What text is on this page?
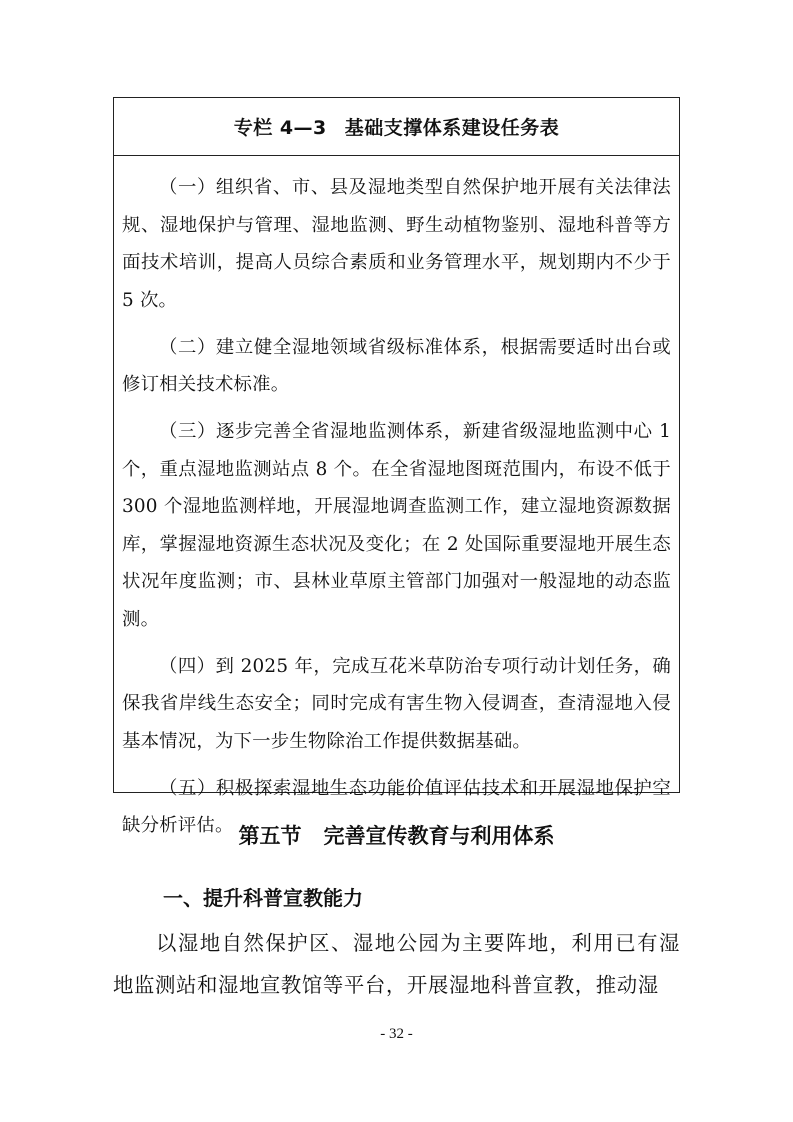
专栏 4—3 基础支撑体系建设任务表

（一）组织省、市、县及湿地类型自然保护地开展有关法律法规、湿地保护与管理、湿地监测、野生动植物鉴别、湿地科普等方面技术培训，提高人员综合素质和业务管理水平，规划期内不少于 5 次。

（二）建立健全湿地领域省级标准体系，根据需要适时出台或修订相关技术标准。

（三）逐步完善全省湿地监测体系，新建省级湿地监测中心 1 个，重点湿地监测站点 8 个。在全省湿地图斑范围内，布设不低于 300 个湿地监测样地，开展湿地调查监测工作，建立湿地资源数据库，掌握湿地资源生态状况及变化；在 2 处国际重要湿地开展生态状况年度监测；市、县林业草原主管部门加强对一般湿地的动态监测。

（四）到 2025 年，完成互花米草防治专项行动计划任务，确保我省岸线生态安全；同时完成有害生物入侵调查，查清湿地入侵基本情况，为下一步生物除治工作提供数据基础。

（五）积极探索湿地生态功能价值评估技术和开展湿地保护空缺分析评估。 第五节 完善宣传教育与利用体系
一、提升科普宣教能力

以湿地自然保护区、湿地公园为主要阵地，利用已有湿地监测站和湿地宣教馆等平台，开展湿地科普宣教，推动湿

- 32 -
